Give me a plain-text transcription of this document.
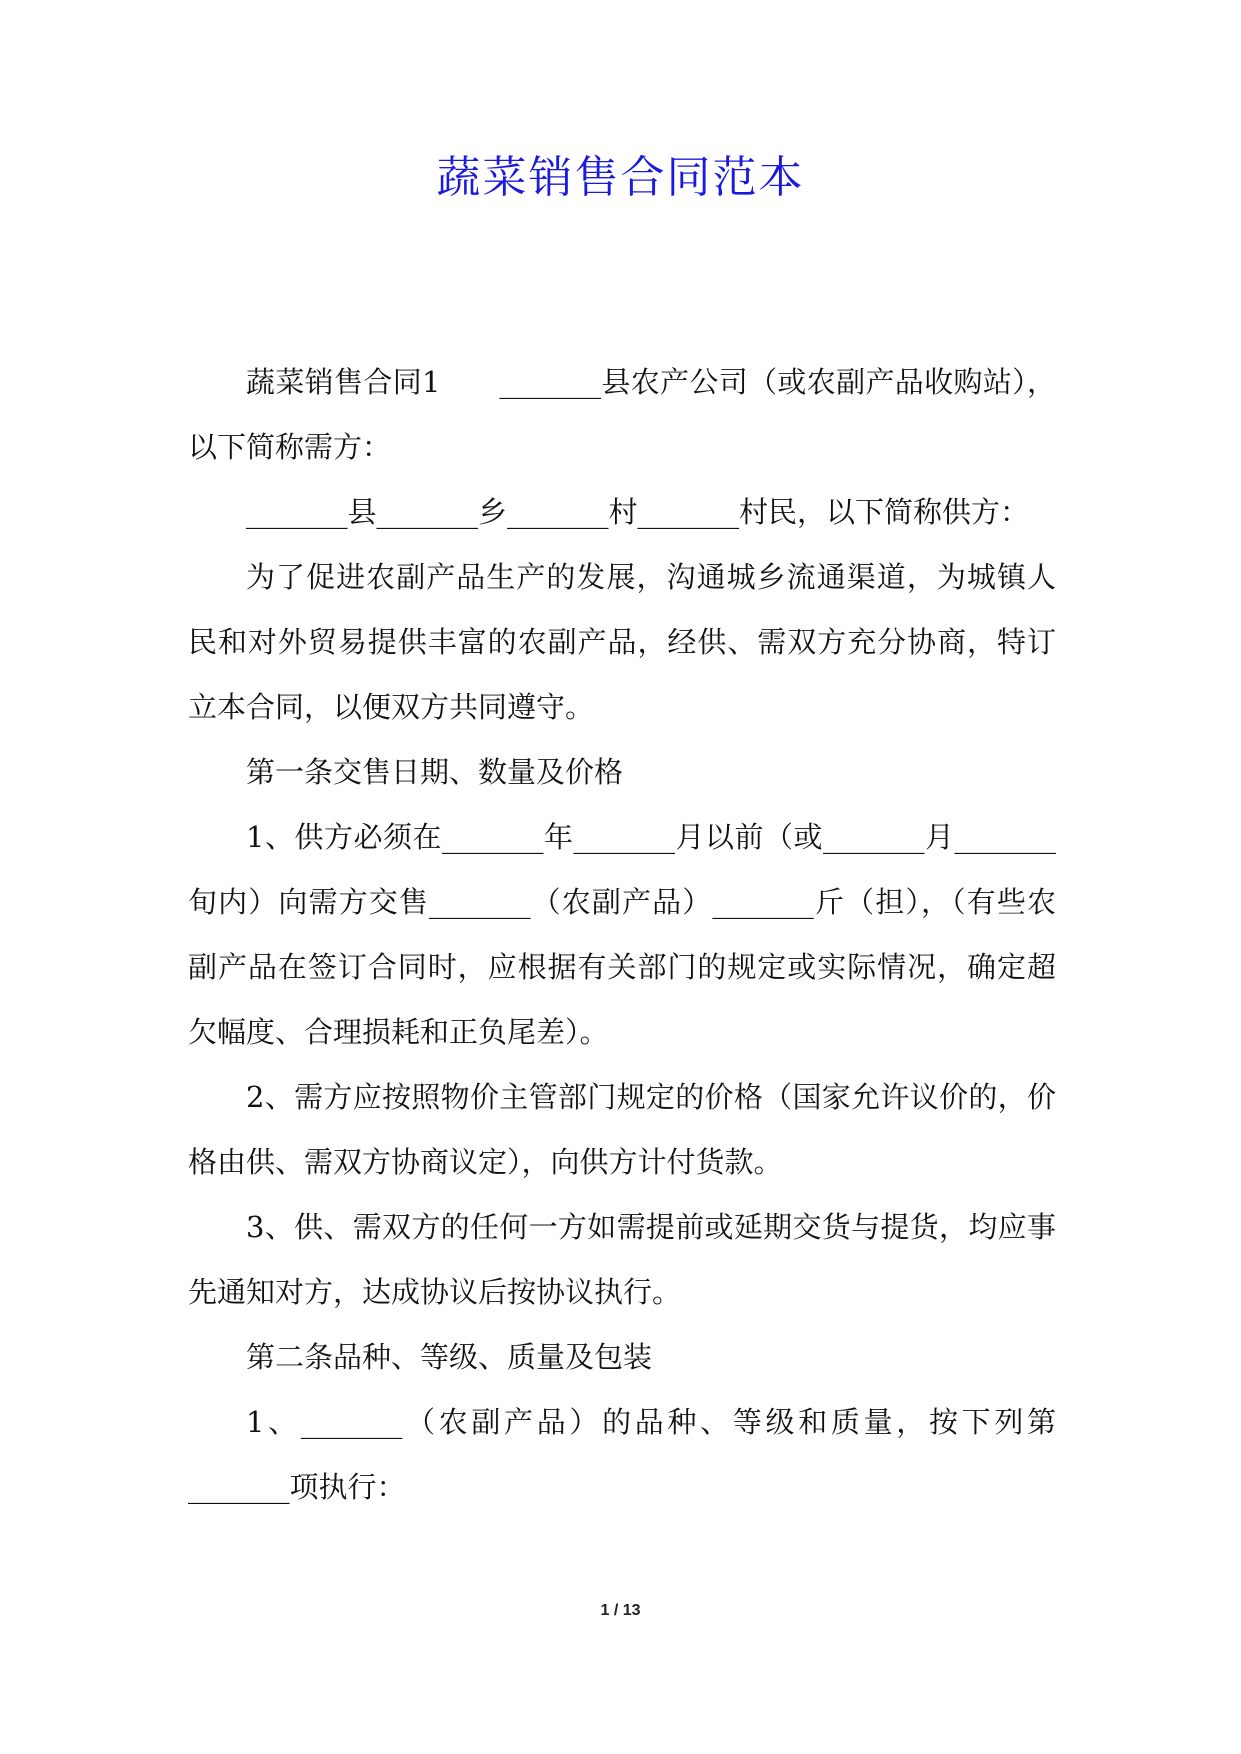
蔬菜销售合同范本

蔬菜销售合同1　　_______县农产公司（或农副产品收购站），以下简称需方：

_______县_______乡_______村_______村民，以下简称供方：

为了促进农副产品生产的发展，沟通城乡流通渠道，为城镇人民和对外贸易提供丰富的农副产品，经供、需双方充分协商，特订立本合同，以便双方共同遵守。

第一条交售日期、数量及价格

1、供方必须在_______年_______月以前（或_______月_______旬内）向需方交售_______（农副产品）_______斤（担），（有些农副产品在签订合同时，应根据有关部门的规定或实际情况，确定超欠幅度、合理损耗和正负尾差）。

2、需方应按照物价主管部门规定的价格（国家允许议价的，价格由供、需双方协商议定），向供方计付货款。

3、供、需双方的任何一方如需提前或延期交货与提货，均应事先通知对方，达成协议后按协议执行。

第二条品种、等级、质量及包装

1、_______（农副产品）的品种、等级和质量，按下列第_______项执行：

1 / 13
